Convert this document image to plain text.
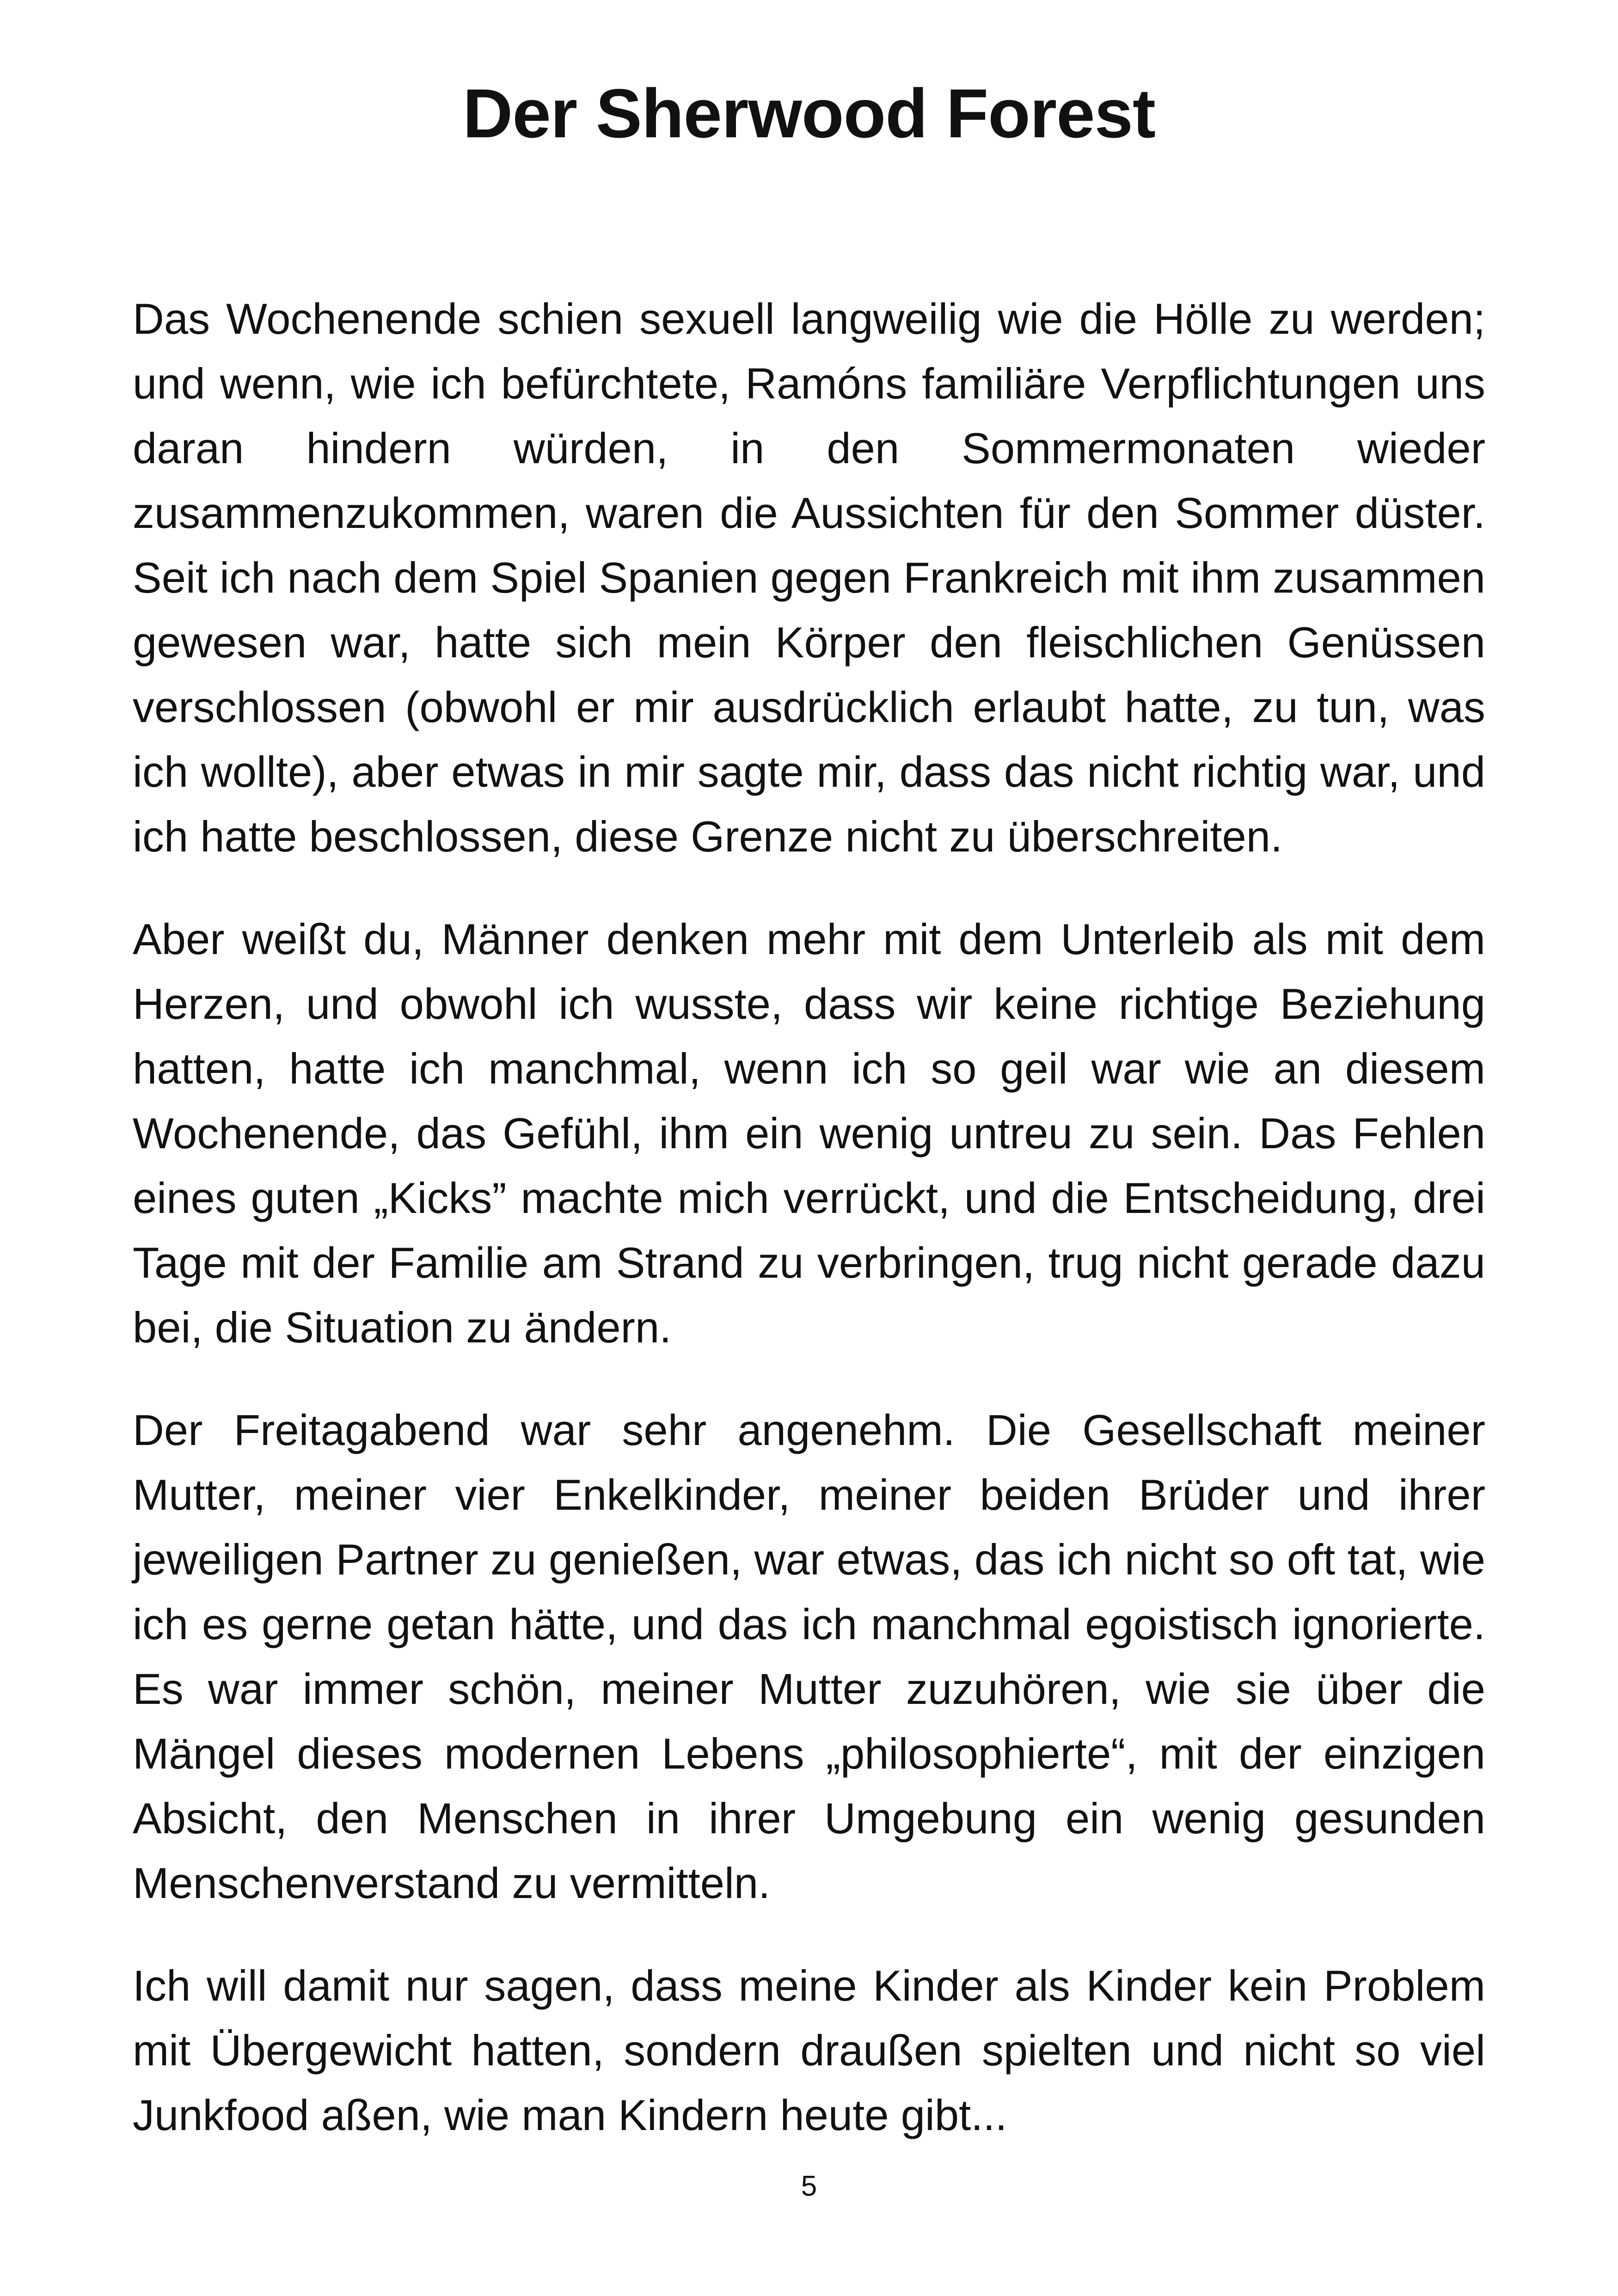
Der Sherwood Forest

Das Wochenende schien sexuell langweilig wie die Hölle zu werden; und wenn, wie ich befürchtete, Ramóns familiäre Verpflichtungen uns daran hindern würden, in den Sommermonaten wieder zusammenzukommen, waren die Aussichten für den Sommer düster. Seit ich nach dem Spiel Spanien gegen Frankreich mit ihm zusammen gewesen war, hatte sich mein Körper den fleischlichen Genüssen verschlossen (obwohl er mir ausdrücklich erlaubt hatte, zu tun, was ich wollte), aber etwas in mir sagte mir, dass das nicht richtig war, und ich hatte beschlossen, diese Grenze nicht zu überschreiten.

Aber weißt du, Männer denken mehr mit dem Unterleib als mit dem Herzen, und obwohl ich wusste, dass wir keine richtige Beziehung hatten, hatte ich manchmal, wenn ich so geil war wie an diesem Wochenende, das Gefühl, ihm ein wenig untreu zu sein. Das Fehlen eines guten „Kicks” machte mich verrückt, und die Entscheidung, drei Tage mit der Familie am Strand zu verbringen, trug nicht gerade dazu bei, die Situation zu ändern.

Der Freitagabend war sehr angenehm. Die Gesellschaft meiner Mutter, meiner vier Enkelkinder, meiner beiden Brüder und ihrer jeweiligen Partner zu genießen, war etwas, das ich nicht so oft tat, wie ich es gerne getan hätte, und das ich manchmal egoistisch ignorierte. Es war immer schön, meiner Mutter zuzuhören, wie sie über die Mängel dieses modernen Lebens „philosophierte“, mit der einzigen Absicht, den Menschen in ihrer Umgebung ein wenig gesunden Menschenverstand zu vermitteln.

Ich will damit nur sagen, dass meine Kinder als Kinder kein Problem mit Übergewicht hatten, sondern draußen spielten und nicht so viel Junkfood aßen, wie man Kindern heute gibt...

5
